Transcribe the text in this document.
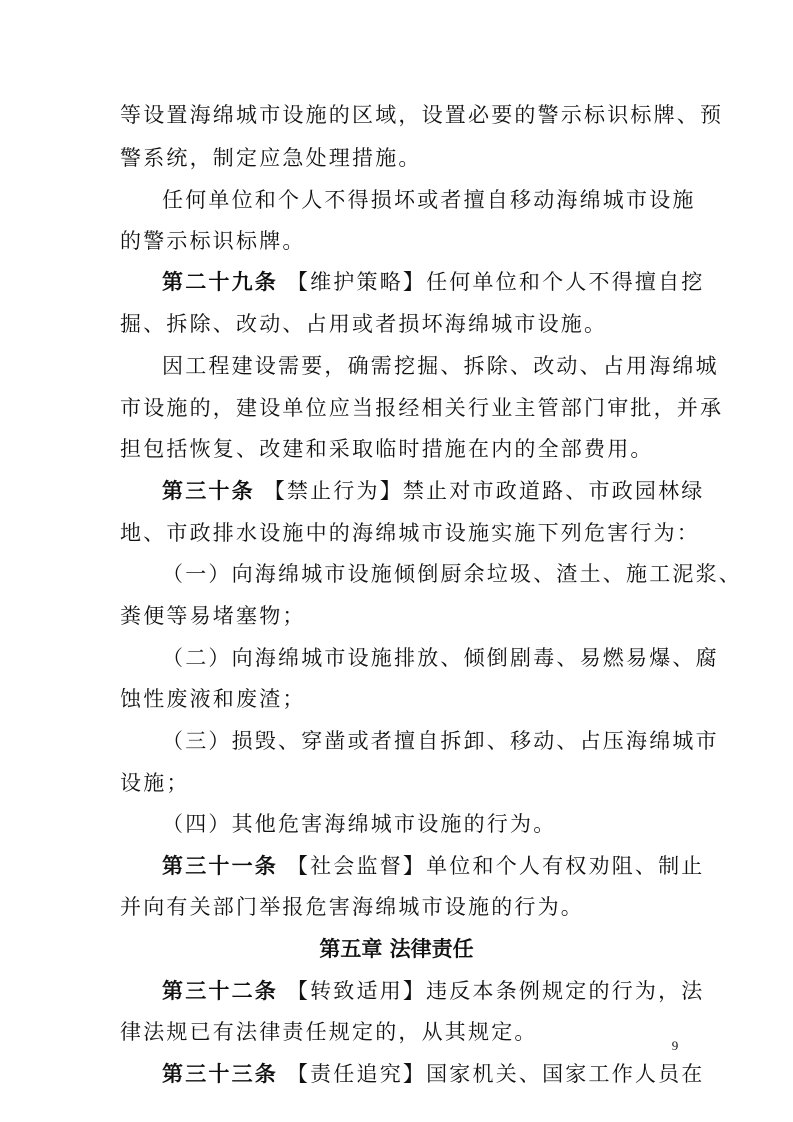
等设置海绵城市设施的区域，设置必要的警示标识标牌、预
警系统，制定应急处理措施。
任何单位和个人不得损坏或者擅自移动海绵城市设施
的警示标识标牌。
第二十九条 【维护策略】任何单位和个人不得擅自挖
掘、拆除、改动、占用或者损坏海绵城市设施。
因工程建设需要，确需挖掘、拆除、改动、占用海绵城
市设施的，建设单位应当报经相关行业主管部门审批，并承
担包括恢复、改建和采取临时措施在内的全部费用。
第三十条 【禁止行为】禁止对市政道路、市政园林绿
地、市政排水设施中的海绵城市设施实施下列危害行为：
（一）向海绵城市设施倾倒厨余垃圾、渣土、施工泥浆、
粪便等易堵塞物；
（二）向海绵城市设施排放、倾倒剧毒、易燃易爆、腐
蚀性废液和废渣；
（三）损毁、穿凿或者擅自拆卸、移动、占压海绵城市
设施；
（四）其他危害海绵城市设施的行为。
第三十一条 【社会监督】单位和个人有权劝阻、制止
并向有关部门举报危害海绵城市设施的行为。
第五章 法律责任
第三十二条 【转致适用】违反本条例规定的行为，法
律法规已有法律责任规定的，从其规定。
第三十三条 【责任追究】国家机关、国家工作人员在
9
